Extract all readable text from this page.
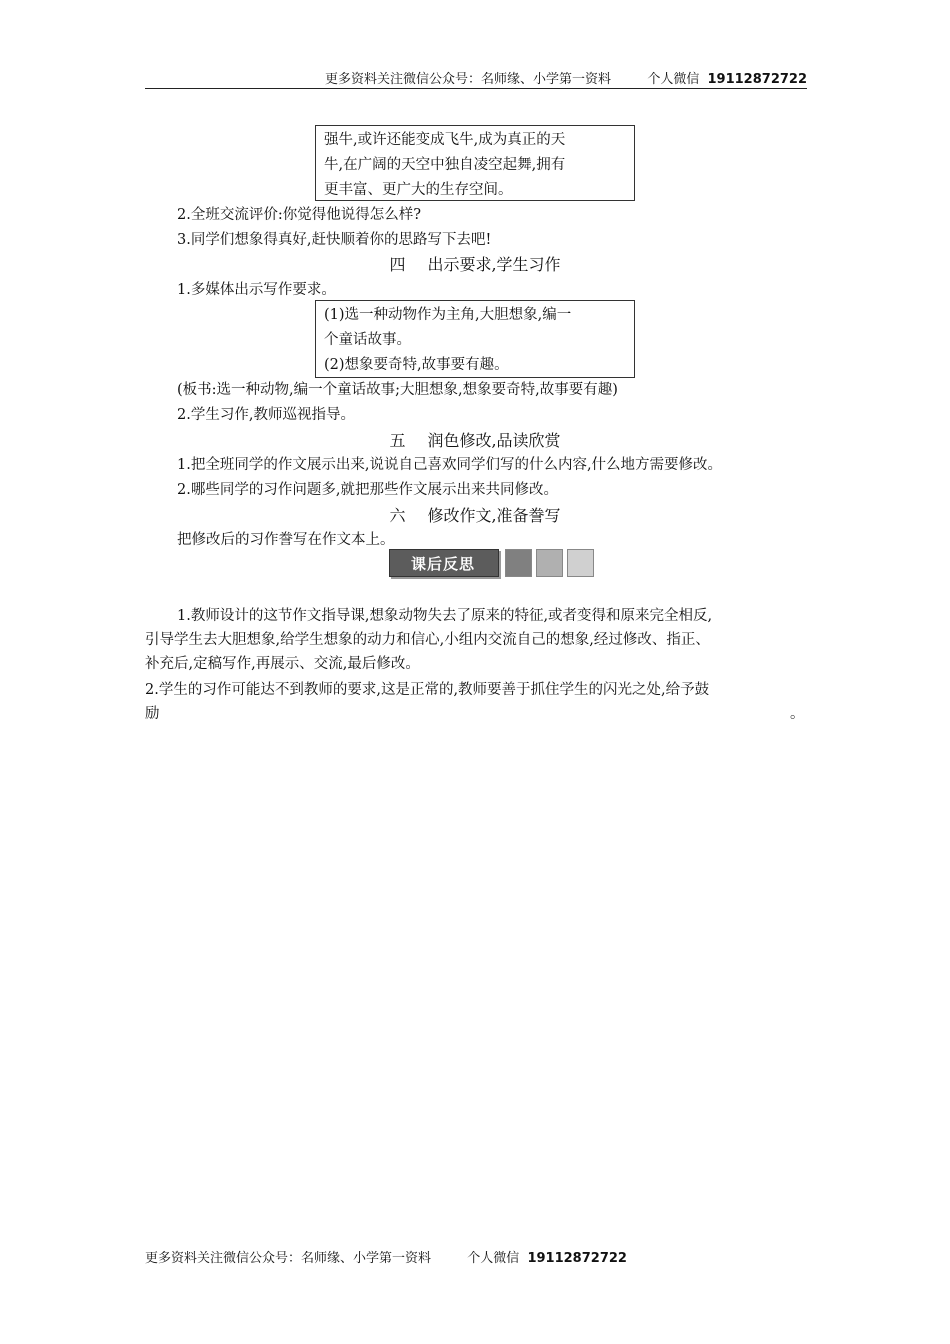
更多资料关注微信公众号：名师缘、小学第一资料	个人微信 19112872722
强牛,或许还能变成飞牛,成为真正的天
牛,在广阔的天空中独自凌空起舞,拥有
更丰富、更广大的生存空间。
2.全班交流评价:你觉得他说得怎么样?
3.同学们想象得真好,赶快顺着你的思路写下去吧!
四 出示要求,学生习作
1.多媒体出示写作要求。
(1)选一种动物作为主角,大胆想象,编一
个童话故事。
(2)想象要奇特,故事要有趣。
(板书:选一种动物,编一个童话故事;大胆想象,想象要奇特,故事要有趣)
2.学生习作,教师巡视指导。
五 润色修改,品读欣赏
1.把全班同学的作文展示出来,说说自己喜欢同学们写的什么内容,什么地方需要修改。
2.哪些同学的习作问题多,就把那些作文展示出来共同修改。
六 修改作文,准备誊写
把修改后的习作誊写在作文本上。
课后反思
1.教师设计的这节作文指导课,想象动物失去了原来的特征,或者变得和原来完全相反,
引导学生去大胆想象,给学生想象的动力和信心,小组内交流自己的想象,经过修改、指正、
补充后,定稿写作,再展示、交流,最后修改。
2.学生的习作可能达不到教师的要求,这是正常的,教师要善于抓住学生的闪光之处,给予鼓
励	。
更多资料关注微信公众号：名师缘、小学第一资料	个人微信 19112872722
